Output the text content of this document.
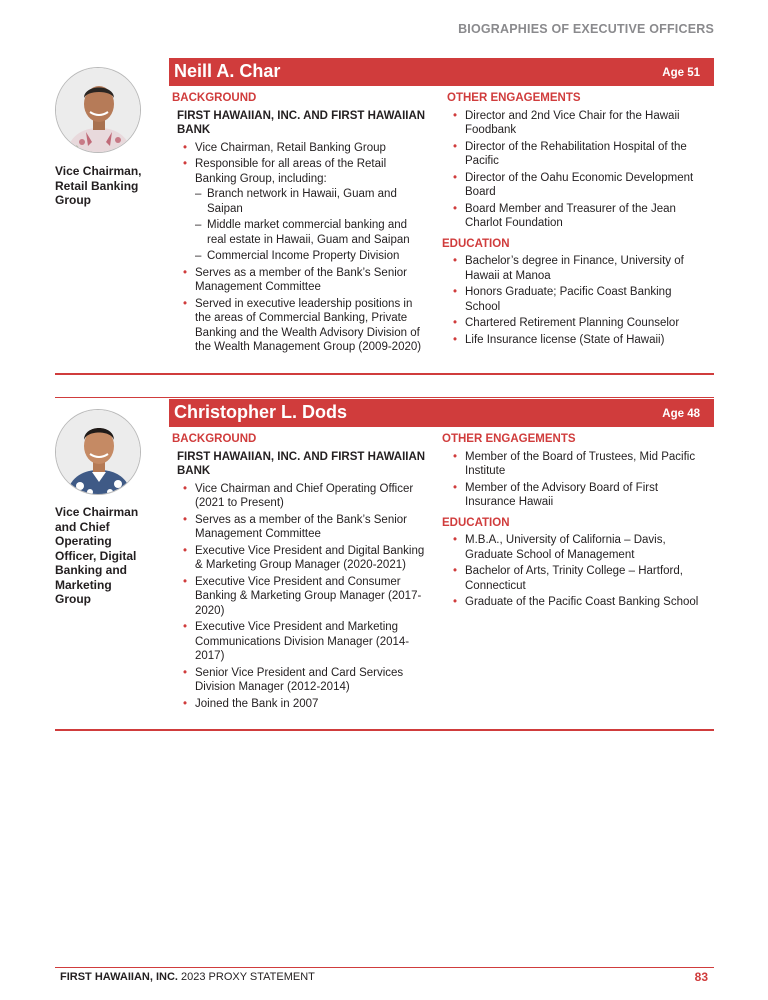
BIOGRAPHIES OF EXECUTIVE OFFICERS
Vice Chairman, Retail Banking Group
Neill A. Char	Age 51
BACKGROUND
FIRST HAWAIIAN, INC. AND FIRST HAWAIIAN BANK
• Vice Chairman, Retail Banking Group
• Responsible for all areas of the Retail Banking Group, including:
– Branch network in Hawaii, Guam and Saipan
– Middle market commercial banking and real estate in Hawaii, Guam and Saipan
– Commercial Income Property Division
• Serves as a member of the Bank’s Senior Management Committee
• Served in executive leadership positions in the areas of Commercial Banking, Private Banking and the Wealth Advisory Division of the Wealth Management Group (2009-2020)
OTHER ENGAGEMENTS
• Director and 2nd Vice Chair for the Hawaii Foodbank
• Director of the Rehabilitation Hospital of the Pacific
• Director of the Oahu Economic Development Board
• Board Member and Treasurer of the Jean Charlot Foundation
EDUCATION
• Bachelor’s degree in Finance, University of Hawaii at Manoa
• Honors Graduate; Pacific Coast Banking School
• Chartered Retirement Planning Counselor
• Life Insurance license (State of Hawaii)
Vice Chairman and Chief Operating Officer, Digital Banking and Marketing Group
Christopher L. Dods	Age 48
BACKGROUND
FIRST HAWAIIAN, INC. AND FIRST HAWAIIAN BANK
• Vice Chairman and Chief Operating Officer (2021 to Present)
• Serves as a member of the Bank’s Senior Management Committee
• Executive Vice President and Digital Banking & Marketing Group Manager (2020-2021)
• Executive Vice President and Consumer Banking & Marketing Group Manager (2017-2020)
• Executive Vice President and Marketing Communications Division Manager (2014-2017)
• Senior Vice President and Card Services Division Manager (2012-2014)
• Joined the Bank in 2007
OTHER ENGAGEMENTS
• Member of the Board of Trustees, Mid Pacific Institute
• Member of the Advisory Board of First Insurance Hawaii
EDUCATION
• M.B.A., University of California – Davis, Graduate School of Management
• Bachelor of Arts, Trinity College – Hartford, Connecticut
• Graduate of the Pacific Coast Banking School
FIRST HAWAIIAN, INC. 2023 PROXY STATEMENT	83
